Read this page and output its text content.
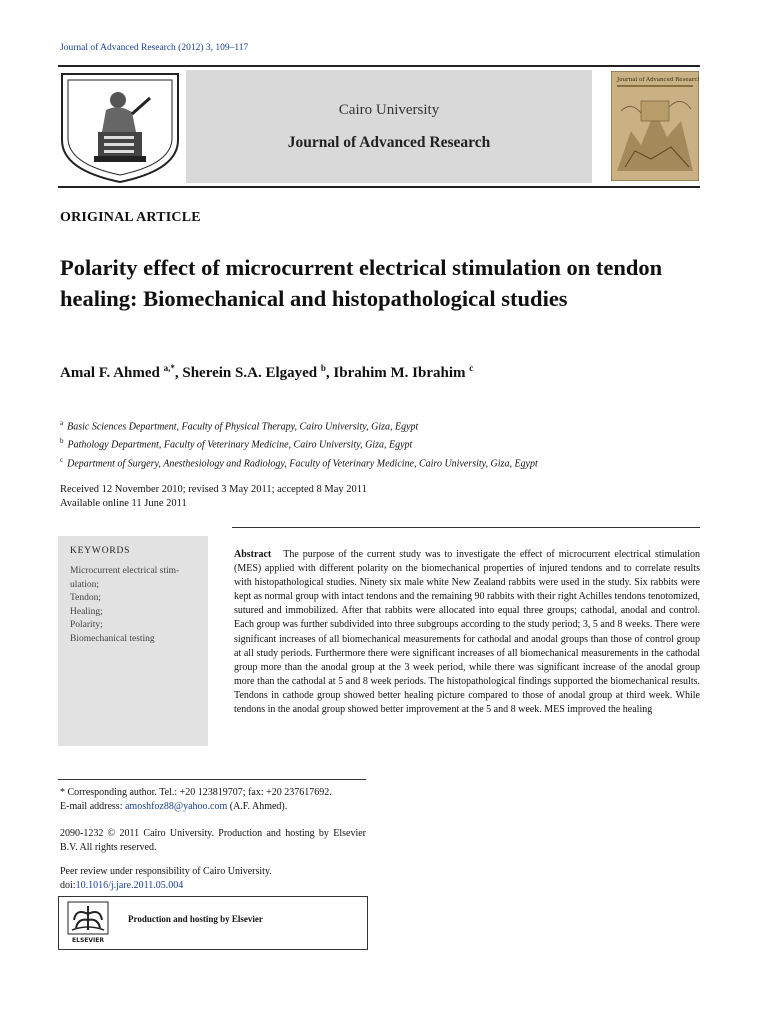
Journal of Advanced Research (2012) 3, 109–117
Cairo University
Journal of Advanced Research
Journal of Advanced Research
ORIGINAL ARTICLE
Polarity effect of microcurrent electrical stimulation on tendon healing: Biomechanical and histopathological studies
Amal F. Ahmed $^{a,*}$, Sherein S.A. Elgayed $^b$, Ibrahim M. Ibrahim $^c$
$^a$ Basic Sciences Department, Faculty of Physical Therapy, Cairo University, Giza, Egypt
$^b$ Pathology Department, Faculty of Veterinary Medicine, Cairo University, Giza, Egypt
$^c$ Department of Surgery, Anesthesiology and Radiology, Faculty of Veterinary Medicine, Cairo University, Giza, Egypt
Received 12 November 2010; revised 3 May 2011; accepted 8 May 2011
Available online 11 June 2011
KEYWORDS
Microcurrent electrical stim-
ulation;
Tendon;
Healing;
Polarity;
Biomechanical testing
Abstract The purpose of the current study was to investigate the effect of microcurrent electrical stimulation (MES) applied with different polarity on the biomechanical properties of injured tendons and to correlate results with histopathological studies. Ninety six male white New Zealand rabbits were used in the study. Six rabbits were kept as normal group with intact tendons and the remaining 90 rabbits with their right Achilles tendons tenotomized, sutured and immobilized. After that rabbits were allocated into equal three groups; cathodal, anodal and control. Each group was further subdivided into three subgroups according to the study period; 3, 5 and 8 weeks. There were significant increases of all biomechanical measurements for cathodal and anodal groups than those of control group at all study periods. Furthermore there were significant increases of all biomechanical measurements in the cathodal group more than the anodal group at the 3 week period, while there was significant increase of the anodal group more than the cathodal at 5 and 8 week periods. The histopathological findings supported the biomechanical results. Tendons in cathode group showed better healing picture compared to those of anodal group at third week. While tendons in the anodal group showed better improvement at the 5 and 8 week. MES improved the healing
* Corresponding author. Tel.: +20 123819707; fax: +20 237617692.
E-mail address: amoshfoz88@yahoo.com (A.F. Ahmed).
2090-1232 © 2011 Cairo University. Production and hosting by Elsevier B.V. All rights reserved.
Peer review under responsibility of Cairo University.
doi:10.1016/j.jare.2011.05.004
ELSEVIER
Production and hosting by Elsevier
